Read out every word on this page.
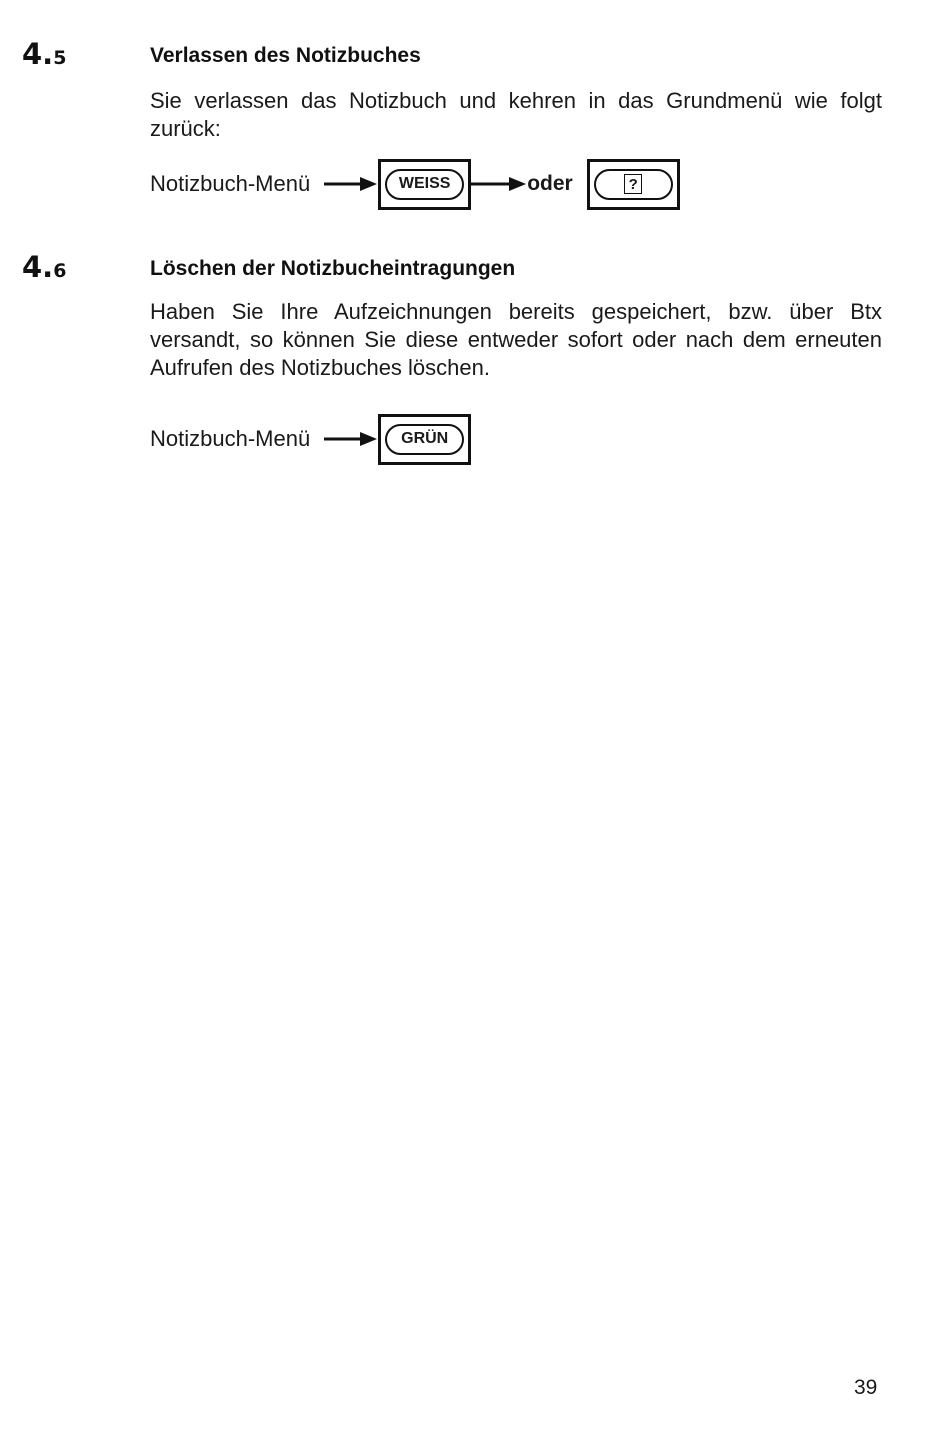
4.5	Verlassen des Notizbuches

Sie verlassen das Notizbuch und kehren in das Grundmenü wie folgt zurück:

Notizbuch-Menü	WEISS	oder	?
4.6	Löschen der Notizbucheintragungen

Haben Sie Ihre Aufzeichnungen bereits gespeichert, bzw. über Btx versandt, so können Sie diese entweder sofort oder nach dem erneuten Aufrufen des Notizbuches löschen.

Notizbuch-Menü	GRÜN
39
